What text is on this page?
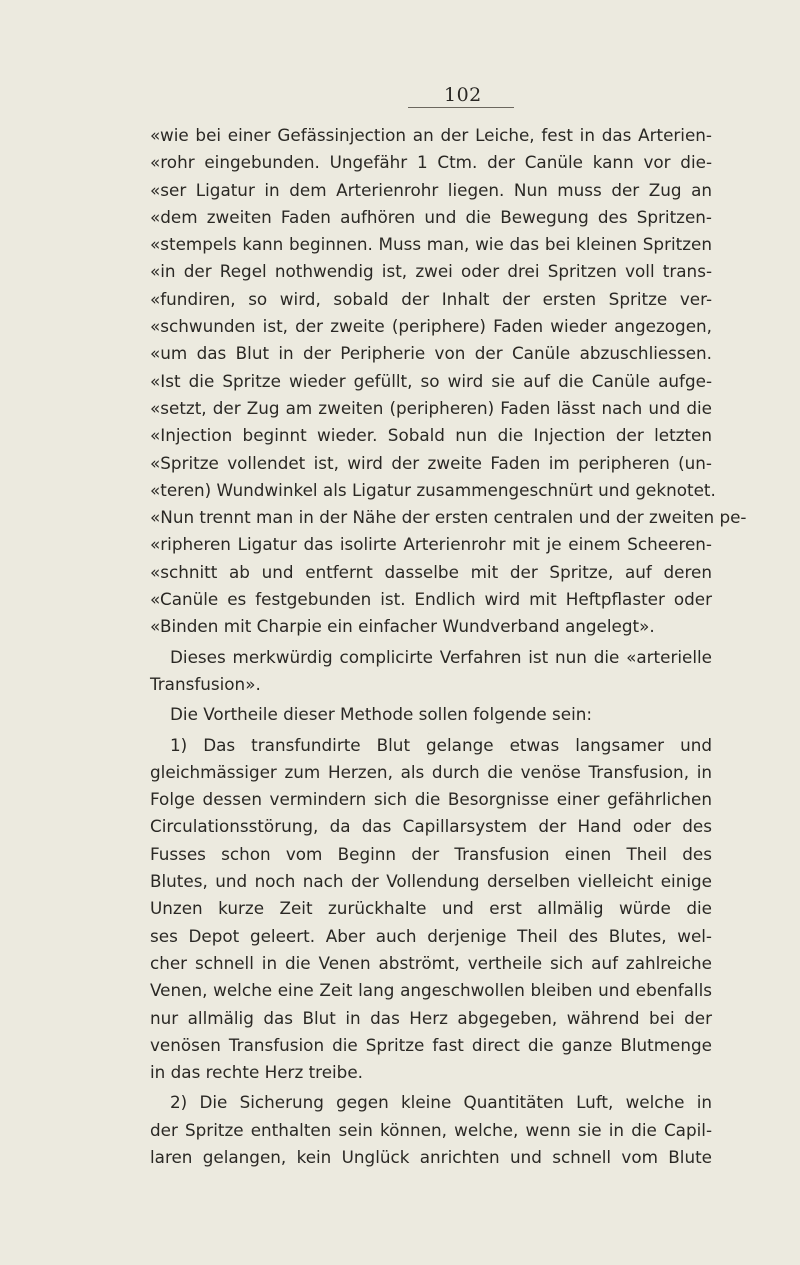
102
«wie bei einer Gefässinjection an der Leiche, fest in das Arterien-
«rohr eingebunden. Ungefähr 1 Ctm. der Canüle kann vor die-
«ser Ligatur in dem Arterienrohr liegen. Nun muss der Zug an
«dem zweiten Faden aufhören und die Bewegung des Spritzen-
«stempels kann beginnen. Muss man, wie das bei kleinen Spritzen
«in der Regel nothwendig ist, zwei oder drei Spritzen voll trans-
«fundiren, so wird, sobald der Inhalt der ersten Spritze ver-
«schwunden ist, der zweite (periphere) Faden wieder angezogen,
«um das Blut in der Peripherie von der Canüle abzuschliessen.
«Ist die Spritze wieder gefüllt, so wird sie auf die Canüle aufge-
«setzt, der Zug am zweiten (peripheren) Faden lässt nach und die
«Injection beginnt wieder. Sobald nun die Injection der letzten
«Spritze vollendet ist, wird der zweite Faden im peripheren (un-
«teren) Wundwinkel als Ligatur zusammengeschnürt und geknotet.
«Nun trennt man in der Nähe der ersten centralen und der zweiten pe-
«ripheren Ligatur das isolirte Arterienrohr mit je einem Scheeren-
«schnitt ab und entfernt dasselbe mit der Spritze, auf deren
«Canüle es festgebunden ist. Endlich wird mit Heftpflaster oder
«Binden mit Charpie ein einfacher Wundverband angelegt».
Dieses merkwürdig complicirte Verfahren ist nun die «arterielle
Transfusion».
Die Vortheile dieser Methode sollen folgende sein:
1) Das transfundirte Blut gelange etwas langsamer und
gleichmässiger zum Herzen, als durch die venöse Transfusion, in
Folge dessen vermindern sich die Besorgnisse einer gefährlichen
Circulationsstörung, da das Capillarsystem der Hand oder des
Fusses schon vom Beginn der Transfusion einen Theil des
Blutes, und noch nach der Vollendung derselben vielleicht einige
Unzen kurze Zeit zurückhalte und erst allmälig würde die
ses Depot geleert. Aber auch derjenige Theil des Blutes, wel-
cher schnell in die Venen abströmt, vertheile sich auf zahlreiche
Venen, welche eine Zeit lang angeschwollen bleiben und ebenfalls
nur allmälig das Blut in das Herz abgegeben, während bei der
venösen Transfusion die Spritze fast direct die ganze Blutmenge
in das rechte Herz treibe.
2) Die Sicherung gegen kleine Quantitäten Luft, welche in
der Spritze enthalten sein können, welche, wenn sie in die Capil-
laren gelangen, kein Unglück anrichten und schnell vom Blute
